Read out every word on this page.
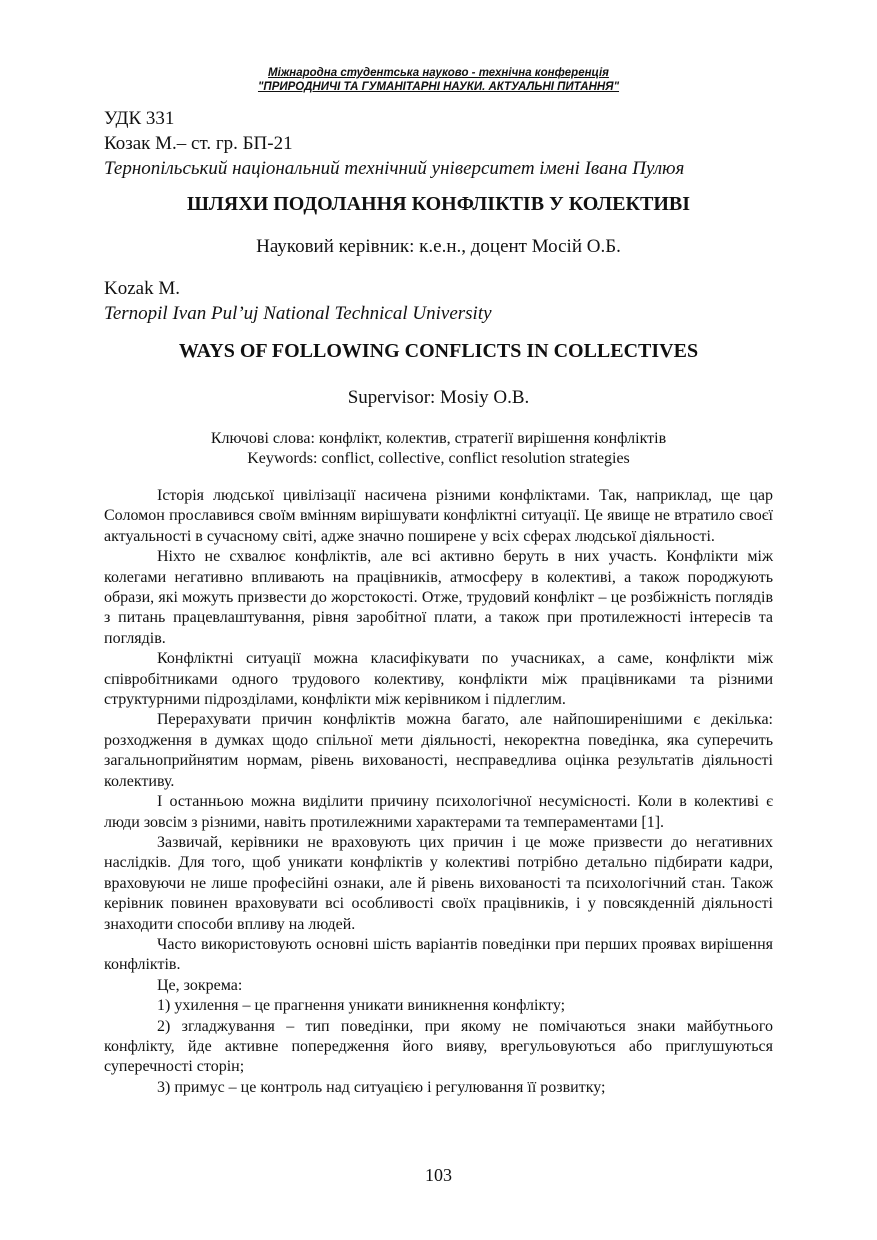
Міжнародна студентська науково - технічна конференція
"ПРИРОДНИЧІ ТА ГУМАНІТАРНІ НАУКИ. АКТУАЛЬНІ ПИТАННЯ"
УДК 331
Козак М.– ст. гр. БП-21
Тернопільський національний технічний університет імені Івана Пулюя
ШЛЯХИ ПОДОЛАННЯ КОНФЛІКТІВ У КОЛЕКТИВІ
Науковий керівник: к.е.н., доцент Мосій О.Б.
Kozak M.
Ternopil Ivan Pul’uj National Technical University
WAYS OF FOLLOWING CONFLICTS IN COLLECTIVES
Supervisor: Mosiy O.B.
Ключові слова: конфлікт, колектив, стратегії вирішення конфліктів
Keywords: conflict, collective, conflict resolution strategies

Історія людської цивілізації насичена різними конфліктами. Так, наприклад, ще цар Соломон прославився своїм вмінням вирішувати конфліктні ситуації. Це явище не втратило своєї актуальності в сучасному світі, адже значно поширене у всіх сферах людської діяльності.

Ніхто не схвалює конфліктів, але всі активно беруть в них участь. Конфлікти між колегами негативно впливають на працівників, атмосферу в колективі, а також породжують образи, які можуть призвести до жорстокості. Отже, трудовий конфлікт – це розбіжність поглядів з питань працевлаштування, рівня заробітної плати, а також при протилежності інтересів та поглядів.

Конфліктні ситуації можна класифікувати по учасниках, а саме, конфлікти між співробітниками одного трудового колективу, конфлікти між працівниками та різними структурними підрозділами, конфлікти між керівником і підлеглим.

Перерахувати причин конфліктів можна багато, але найпоширенішими є декілька: розходження в думках щодо спільної мети діяльності, некоректна поведінка, яка суперечить загальноприйнятим нормам, рівень вихованості, несправедлива оцінка результатів діяльності колективу.

І останньою можна виділити причину психологічної несумісності. Коли в колективі є люди зовсім з різними, навіть протилежними характерами та темпераментами [1].

Зазвичай, керівники не враховують цих причин і це може призвести до негативних наслідків. Для того, щоб уникати конфліктів у колективі потрібно детально підбирати кадри, враховуючи не лише професійні ознаки, але й рівень вихованості та психологічний стан. Також керівник повинен враховувати всі особливості своїх працівників, і у повсякденній діяльності знаходити способи впливу на людей.

Часто використовують основні шість варіантів поведінки при перших проявах вирішення конфліктів.

Це, зокрема:

1) ухилення – це прагнення уникати виникнення конфлікту;

2) згладжування – тип поведінки, при якому не помічаються знаки майбутнього конфлікту, йде активне попередження його вияву, врегульовуються або приглушуються суперечності сторін;

3) примус – це контроль над ситуацією і регулювання її розвитку;

103
